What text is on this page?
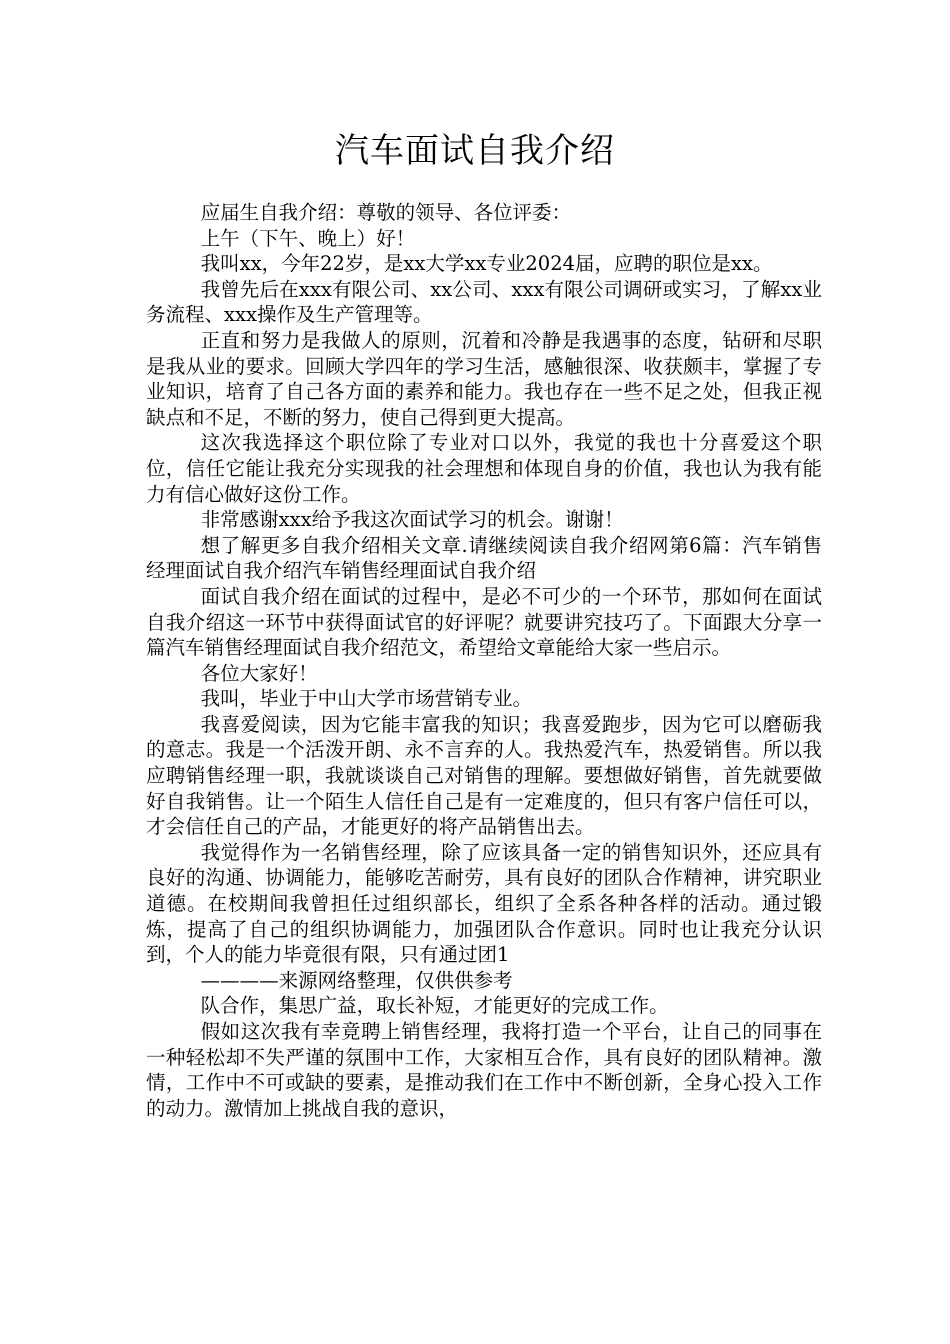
汽车面试自我介绍

应届生自我介绍：尊敬的领导、各位评委：

上午（下午、晚上）好！

我叫xx，今年22岁，是xx大学xx专业2024届，应聘的职位是xx。

我曾先后在xxx有限公司、xx公司、xxx有限公司调研或实习，了解xx业务流程、xxx操作及生产管理等。

正直和努力是我做人的原则，沉着和冷静是我遇事的态度，钻研和尽职是我从业的要求。回顾大学四年的学习生活，感触很深、收获颇丰，掌握了专业知识，培育了自己各方面的素养和能力。我也存在一些不足之处，但我正视缺点和不足，不断的努力，使自己得到更大提高。

这次我选择这个职位除了专业对口以外，我觉的我也十分喜爱这个职位，信任它能让我充分实现我的社会理想和体现自身的价值，我也认为我有能力有信心做好这份工作。

非常感谢xxx给予我这次面试学习的机会。谢谢！

想了解更多自我介绍相关文章.请继续阅读自我介绍网第6篇：汽车销售经理面试自我介绍汽车销售经理面试自我介绍

面试自我介绍在面试的过程中，是必不可少的一个环节，那如何在面试自我介绍这一环节中获得面试官的好评呢？就要讲究技巧了。下面跟大分享一篇汽车销售经理面试自我介绍范文，希望给文章能给大家一些启示。

各位大家好！

我叫，毕业于中山大学市场营销专业。

我喜爱阅读，因为它能丰富我的知识；我喜爱跑步，因为它可以磨砺我的意志。我是一个活泼开朗、永不言弃的人。我热爱汽车，热爱销售。所以我应聘销售经理一职，我就谈谈自己对销售的理解。要想做好销售，首先就要做好自我销售。让一个陌生人信任自己是有一定难度的，但只有客户信任可以，才会信任自己的产品，才能更好的将产品销售出去。

我觉得作为一名销售经理，除了应该具备一定的销售知识外，还应具有良好的沟通、协调能力，能够吃苦耐劳，具有良好的团队合作精神，讲究职业道德。在校期间我曾担任过组织部长，组织了全系各种各样的活动。通过锻炼，提高了自己的组织协调能力，加强团队合作意识。同时也让我充分认识到，个人的能力毕竟很有限，只有通过团1

————来源网络整理，仅供供参考

队合作，集思广益，取长补短，才能更好的完成工作。

假如这次我有幸竟聘上销售经理，我将打造一个平台，让自己的同事在一种轻松却不失严谨的氛围中工作，大家相互合作，具有良好的团队精神。激情，工作中不可或缺的要素，是推动我们在工作中不断创新，全身心投入工作的动力。激情加上挑战自我的意识，
